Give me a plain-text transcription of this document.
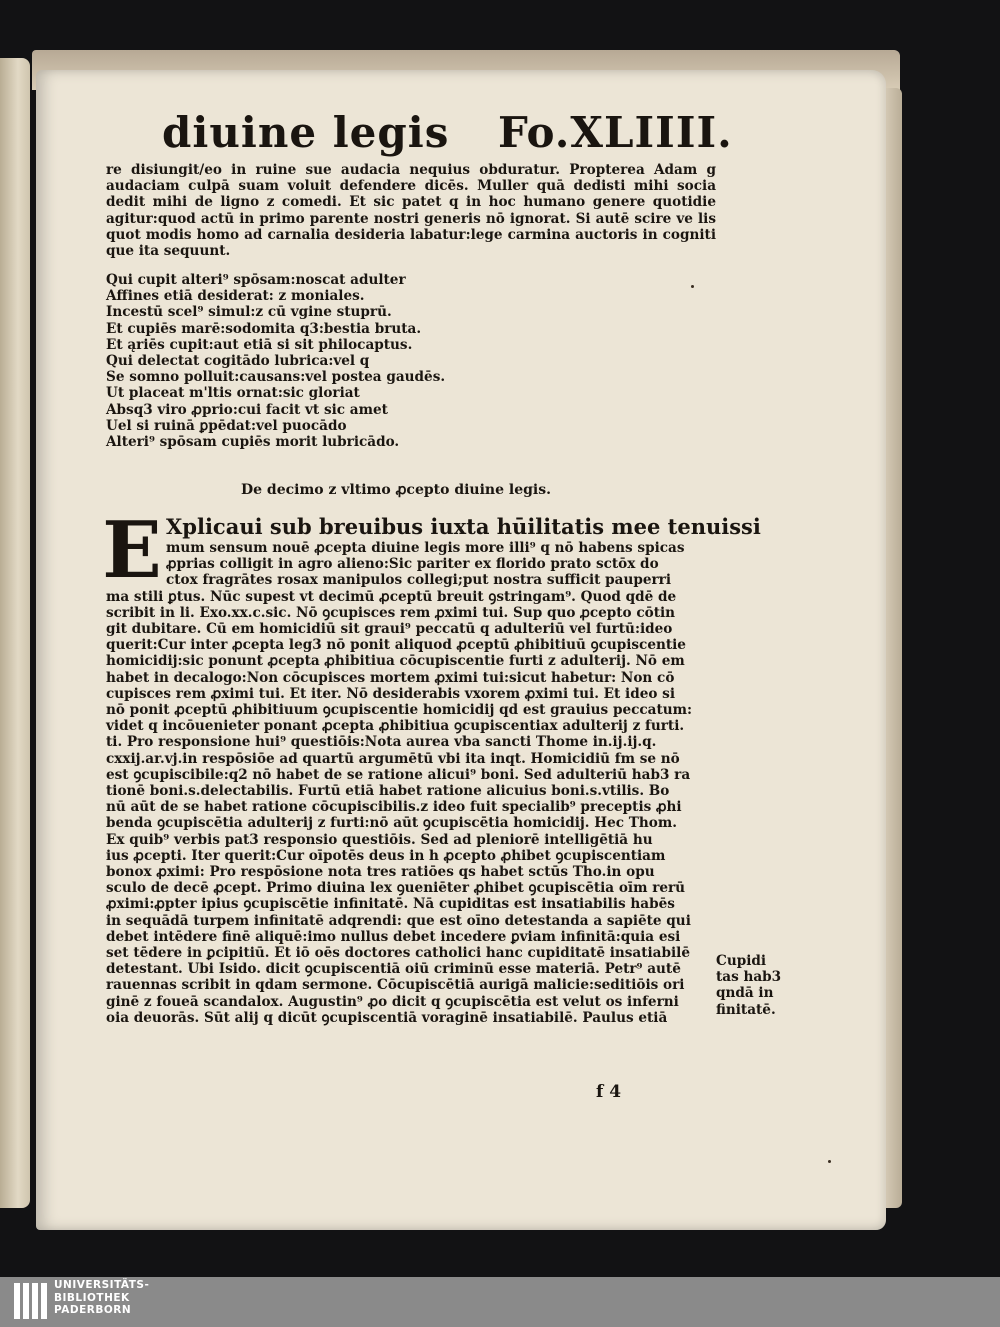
diuine legis Fo.XLIIII.
re disiungit/eo in ruine sue audacia nequius obduratur. Propterea Adam g audaciam culpā suam voluit defendere dicēs. Muller quā dedisti mihi socia dedit mihi de ligno z comedi. Et sic patet q in hoc humano genere quotidie agitur:quod actū in primo parente nostri generis nō ignorat. Si autē scire ve lis quot modis homo ad carnalia desideria labatur:lege carmina auctoris in cogniti que ita sequunt.
Qui cupit alteri⁹ spōsam:noscat adulter
Affines etiā desiderat: z moniales.
Incestū scel⁹ simul:z cū vgine stuprū.
Et cupiēs marē:sodomita q3:bestia bruta.
Et ąriēs cupit:aut etiā si sit philocaptus.
Qui delectat cogitādo lubrica:vel q
Se somno polluit:causans:vel postea gaudēs.
Ut placeat m'ltis ornat:sic gloriat
Absq3 viro ꝓprio:cui facit vt sic amet
Uel si ruinā ꝑpēdat:vel puocādo
Alteri⁹ spōsam cupiēs morit lubricādo.
De decimo z vltimo ꝓcepto diuine legis.
E Xplicaui sub breuibus iuxta hūilitatis mee tenuissi
mum sensum nouē ꝓcepta diuine legis more illi⁹ q nō habens spicas
ꝓprias colligit in agro alieno:Sic pariter ex florido prato sctōx do
ctox fragrātes rosax manipulos collegi;put nostra sufficit pauperri
ma stili ꝑtus. Nūc supest vt decimū ꝓceptū breuit ꝯstringam⁹. Quod qdē de
scribit in li. Exo.xx.c.sic. Nō ꝯcupisces rem ꝓximi tui. Sup quo ꝓcepto cōtin
git dubitare. Cū em homicidiū sit graui⁹ peccatū q adulteriū vel furtū:ideo
querit:Cur inter ꝓcepta leg3 nō ponit aliquod ꝓceptū ꝓhibitiuū ꝯcupiscentie
homicidij:sic ponunt ꝓcepta ꝓhibitiua cōcupiscentie furti z adulterij. Nō em
habet in decalogo:Non cōcupisces mortem ꝓximi tui:sicut habetur: Non cō
cupisces rem ꝓximi tui. Et iter. Nō desiderabis vxorem ꝓximi tui. Et ideo si
nō ponit ꝓceptū ꝓhibitiuum ꝯcupiscentie homicidij qd est grauius peccatum:
videt q incōuenieter ponant ꝓcepta ꝓhibitiua ꝯcupiscentiax adulterij z furti.
ti. Pro responsione hui⁹ questiōis:Nota aurea vba sancti Thome in.ij.ij.q.
cxxij.ar.vj.in respōsiōe ad quartū argumētū vbi ita inqt. Homicidiū fm se nō
est ꝯcupiscibile:q2 nō habet de se ratione alicui⁹ boni. Sed adulteriū hab3 ra
tionē boni.s.delectabilis. Furtū etiā habet ratione alicuius boni.s.vtilis. Bo
nū aūt de se habet ratione cōcupiscibilis.z ideo fuit specialib⁹ preceptis ꝓhi
benda ꝯcupiscētia adulterij z furti:nō aūt ꝯcupiscētia homicidij. Hec Thom.
Ex quib⁹ verbis pat3 responsio questiōis. Sed ad pleniorē intelligētiā hu
ius ꝓcepti. Iter querit:Cur oīpotēs deus in h ꝓcepto ꝓhibet ꝯcupiscentiam
bonox ꝓximi: Pro respōsione nota tres ratiōes qs habet sctūs Tho.in opu
sculo de decē ꝓcept. Primo diuina lex ꝯueniēter ꝓhibet ꝯcupiscētia oīm rerū
ꝓximi:ꝓpter ipius ꝯcupiscētie infinitatē. Nā cupiditas est insatiabilis habēs
in sequādā turpem infinitatē adqrendi: que est oīno detestanda a sapiēte qui
debet intēdere finē aliquē:imo nullus debet incedere ꝑviam infinitā:quia esi
set tēdere in ꝑcipitiū. Et iō oēs doctores catholici hanc cupiditatē insatiabilē
detestant. Ubi Isido. dicit ꝯcupiscentiā oiū criminū esse materiā. Petr⁹ autē
rauennas scribit in qdam sermone. Cōcupiscētiā aurigā malicie:seditiōis ori
ginē z foueā scandalox. Augustin⁹ ꝓo dicit q ꝯcupiscētia est velut os inferni
oia deuorās. Sūt alij q dicūt ꝯcupiscentiā voraginē insatiabilē. Paulus etiā
Cupidi
tas hab3
qndā in
finitatē.
f 4
UNIVERSITÄTS-
BIBLIOTHEK
PADERBORN
